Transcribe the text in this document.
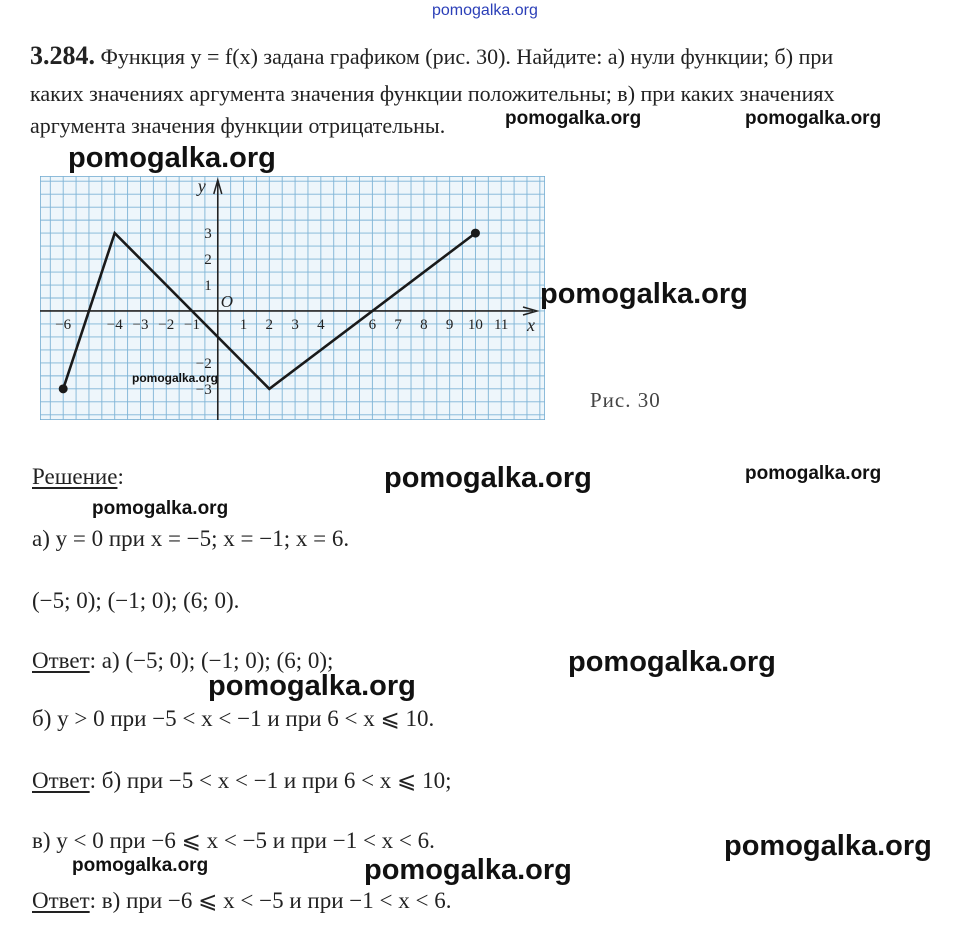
pomogalka.org
3.284. Функция y = f(x) задана графиком (рис. 30). Найдите: а) нули функции; б) при
каких значениях аргумента значения функции положительны; в) при каких значениях
аргумента значения функции отрицательны.
x
y
O
−6 −4 −3 −2 −1	1 2 3 4	6 7 8 9 10 11
3
2
1
−2
−3	Рис. 30
Решение:
а) y = 0 при x = −5; x = −1; x = 6.
(−5; 0); (−1; 0); (6; 0).
Ответ: а) (−5; 0); (−1; 0); (6; 0);
б) y > 0 при −5 < x < −1 и при 6 < x ⩽ 10.
Ответ: б) при −5 < x < −1 и при 6 < x ⩽ 10;
в) y < 0 при −6 ⩽ x < −5 и при −1 < x < 6.
Ответ: в) при −6 ⩽ x < −5 и при −1 < x < 6.
pomogalka.org	pomogalka.org
pomogalka.org
pomogalka.org
pomogalka.org
pomogalka.org	pomogalka.org
pomogalka.org
pomogalka.org
pomogalka.org
pomogalka.org
pomogalka.org
pomogalka.org
